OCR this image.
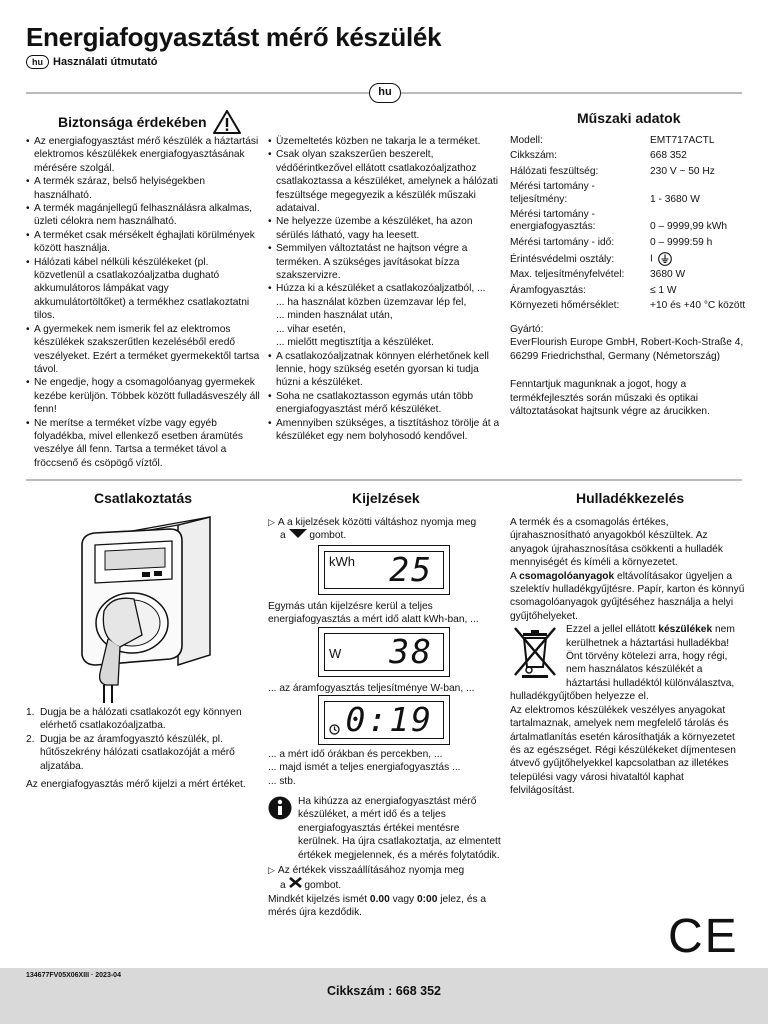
Energiafogyasztást mérő készülék
hu Használati útmutató
hu
Biztonsága érdekében
• Az energiafogyasztást mérő készülék a háztartási elektromos készülékek energiafogyasztásának mérésére szolgál.
• A termék száraz, belső helyiségekben használható.
• A termék magánjellegű felhasználásra alkalmas, üzleti célokra nem használható.
• A terméket csak mérsékelt éghajlati körülmények között használja.
• Hálózati kábel nélküli készülékeket (pl. közvetlenül a csatlakozóaljzatba dugható akkumulátoros lámpákat vagy akkumulátortöltőket) a termékhez csatlakoztatni tilos.
• A gyermekek nem ismerik fel az elektromos készülékek szakszerűtlen kezeléséből eredő veszélyeket. Ezért a terméket gyermekektől tartsa távol.
• Ne engedje, hogy a csomagolóanyag gyermekek kezébe kerüljön. Többek között fulladásveszély áll fenn!
• Ne merítse a terméket vízbe vagy egyéb folyadékba, mivel ellenkező esetben áramütés veszélye áll fenn. Tartsa a terméket távol a fröccsenő és csöpögő víztől.
• Üzemeltetés közben ne takarja le a terméket.
• Csak olyan szakszerűen beszerelt, védőérintkezővel ellátott csatlakozóaljzathoz csatlakoztassa a készüléket, amelynek a hálózati feszültsége megegyezik a készülék műszaki adataival.
• Ne helyezze üzembe a készüléket, ha azon sérülés látható, vagy ha leesett.
• Semmilyen változtatást ne hajtson végre a terméken. A szükséges javításokat bízza szakszervizre.
• Húzza ki a készüléket a csatlakozóaljzatból, ...
... ha használat közben üzemzavar lép fel,
... minden használat után,
... vihar esetén,
... mielőtt megtisztítja a készüléket.
• A csatlakozóaljzatnak könnyen elérhetőnek kell lennie, hogy szükség esetén gyorsan ki tudja húzni a készüléket.
• Soha ne csatlakoztasson egymás után több energiafogyasztást mérő készüléket.
• Amennyiben szükséges, a tisztításhoz törölje át a készüléket egy nem bolyhosodó kendővel.
Műszaki adatok
Modell:	EMT717ACTL
Cikkszám:	668 352
Hálózati feszültség:	230 V ~ 50 Hz
Mérési tartomány - teljesítmény:	1 - 3680 W
Mérési tartomány - energiafogyasztás:	0 – 9999,99 kWh
Mérési tartomány - idő:	0 – 9999:59 h
Érintésvédelmi osztály:	I
Max. teljesítményfelvétel:	3680 W
Áramfogyasztás:	≤ 1 W
Környezeti hőmérséklet:	+10 és +40 °C között
Gyártó:
EverFlourish Europe GmbH, Robert-Koch-Straße 4, 66299 Friedrichsthal, Germany (Németország)
Fenntartjuk magunknak a jogot, hogy a termékfejlesztés során műszaki és optikai változtatásokat hajtsunk végre az árucikken.
Csatlakoztatás
1. Dugja be a hálózati csatlakozót egy könnyen elérhető csatlakozóaljzatba.
2. Dugja be az áramfogyasztó készülék, pl. hűtőszekrény hálózati csatlakozóját a mérő aljzatába.
Az energiafogyasztás mérő kijelzi a mért értéket.
Kijelzések
▷ A a kijelzések közötti váltáshoz nyomja meg
a gombot.
kWh 25
Egymás után kijelzésre kerül a teljes energiafogyasztás a mért idő alatt kWh-ban, ...
W 38
... az áramfogyasztás teljesítménye W-ban, ...
0:19
... a mért idő órákban és percekben, ...
... majd ismét a teljes energiafogyasztás ...
... stb.
Ha kihúzza az energiafogyasztást mérő készüléket, a mért idő és a teljes energiafogyasztás értékei mentésre kerülnek. Ha újra csatlakoztatja, az elmentett értékek megjelennek, és a mérés folytatódik.
▷ Az értékek visszaállításához nyomja meg
a gombot.
Mindkét kijelzés ismét 0.00 vagy 0:00 jelez, és a mérés újra kezdődik.
Hulladékkezelés
A termék és a csomagolás értékes, újrahasznosítható anyagokból készültek. Az anyagok újrahasznosítása csökkenti a hulladék mennyiségét és kíméli a környezetet.
A csomagolóanyagok eltávolításakor ügyeljen a szelektív hulladékgyűjtésre. Papír, karton és könnyű csomagolóanyagok gyűjtéséhez használja a helyi gyűjtőhelyeket.
Ezzel a jellel ellátott készülékek nem kerülhetnek a háztartási hulladékba! Önt törvény kötelezi arra, hogy régi, nem használatos készülékét a háztartási hulladéktól különválasztva, hulladékgyűjtőben helyezze el.
Az elektromos készülékek veszélyes anyagokat tartalmaznak, amelyek nem megfelelő tárolás és ártalmatlanítás esetén károsíthatják a környezetet és az egészséget. Régi készülékeket díjmentesen átvevő gyűjtőhelyekkel kapcsolatban az illetékes települési vagy városi hivataltól kaphat felvilágosítást.
CE
134677FV05X06XIII · 2023-04
Cikkszám : 668 352
